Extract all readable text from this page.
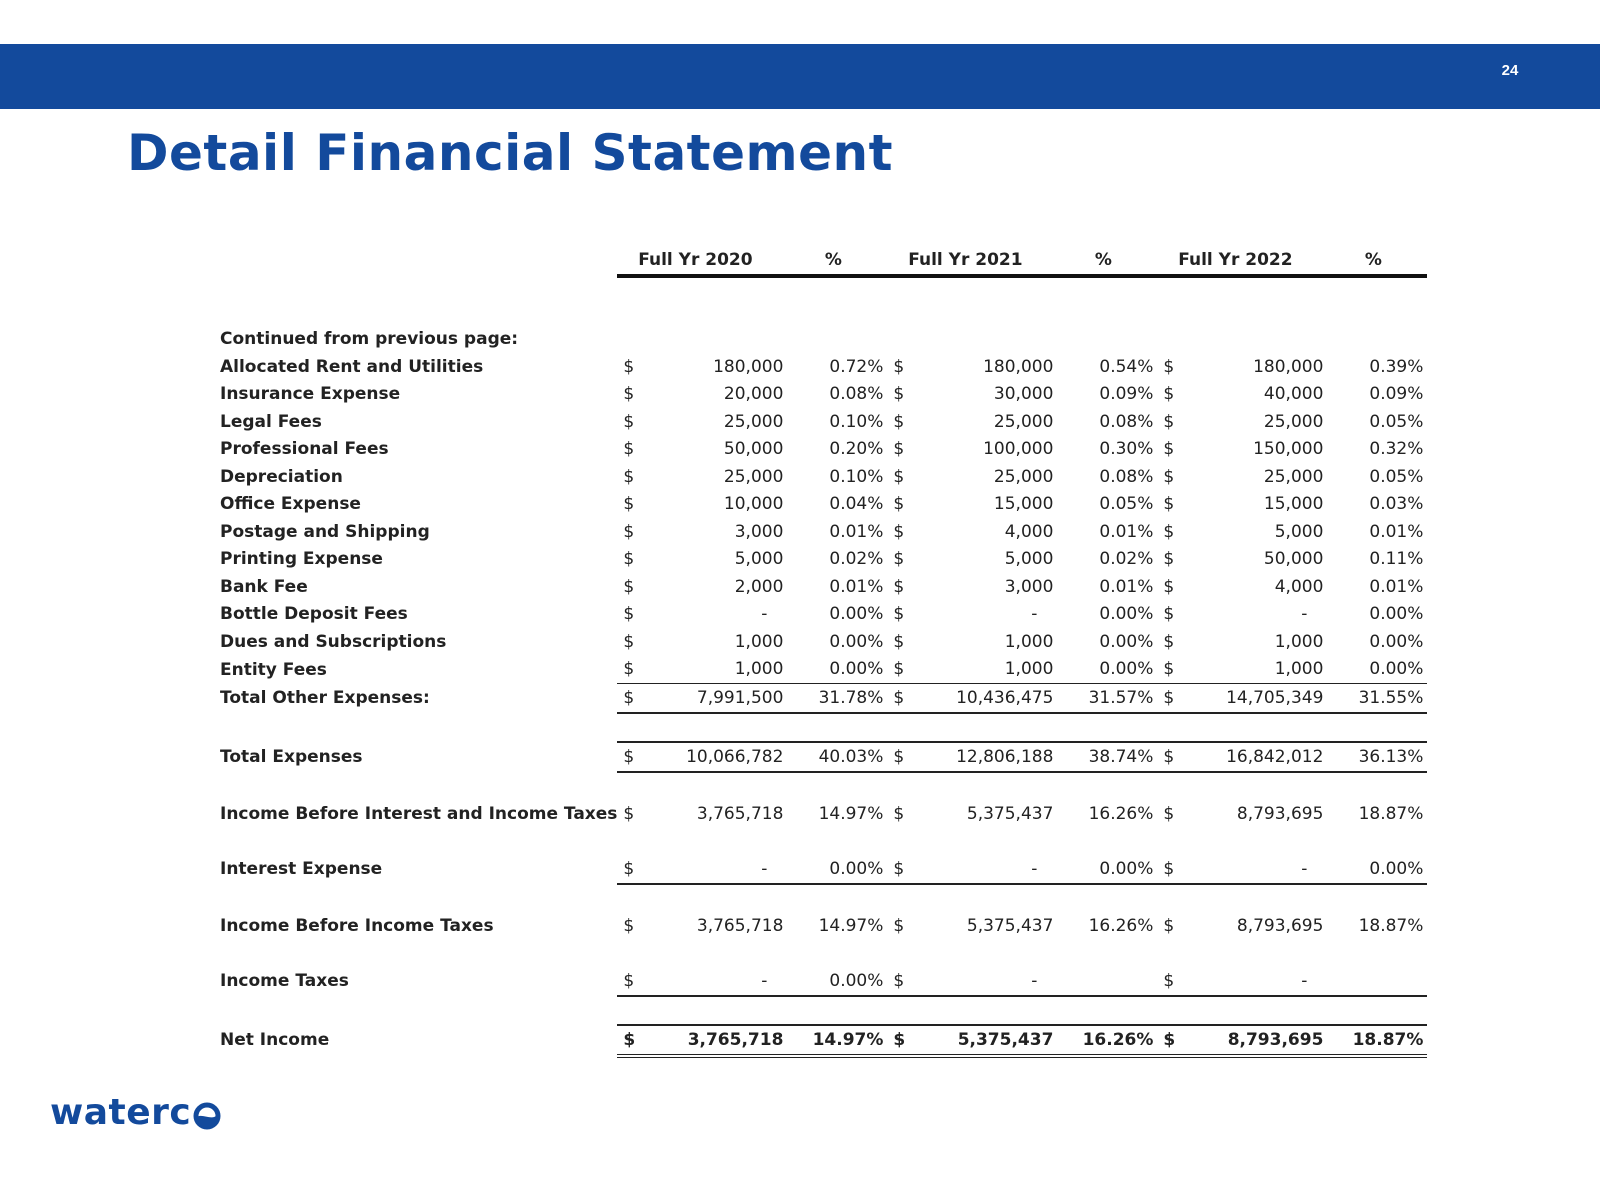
24
Detail Financial Statement
	Full Yr 2020		%	Full Yr 2021		%	Full Yr 2022		%

Continued from previous page:									
Allocated Rent and Utilities	$	180,000	0.72%	$	180,000	0.54%	$	180,000	0.39%
Insurance Expense	$	20,000	0.08%	$	30,000	0.09%	$	40,000	0.09%
Legal Fees	$	25,000	0.10%	$	25,000	0.08%	$	25,000	0.05%
Professional Fees	$	50,000	0.20%	$	100,000	0.30%	$	150,000	0.32%
Depreciation	$	25,000	0.10%	$	25,000	0.08%	$	25,000	0.05%
Office Expense	$	10,000	0.04%	$	15,000	0.05%	$	15,000	0.03%
Postage and Shipping	$	3,000	0.01%	$	4,000	0.01%	$	5,000	0.01%
Printing Expense	$	5,000	0.02%	$	5,000	0.02%	$	50,000	0.11%
Bank Fee	$	2,000	0.01%	$	3,000	0.01%	$	4,000	0.01%
Bottle Deposit Fees	$	-	0.00%	$	-	0.00%	$	-	0.00%
Dues and Subscriptions	$	1,000	0.00%	$	1,000	0.00%	$	1,000	0.00%
Entity Fees	$	1,000	0.00%	$	1,000	0.00%	$	1,000	0.00%
Total Other Expenses:	$	7,991,500	31.78%	$	10,436,475	31.57%	$	14,705,349	31.55%

Total Expenses	$	10,066,782	40.03%	$	12,806,188	38.74%	$	16,842,012	36.13%

Income Before Interest and Income Taxes	$	3,765,718	14.97%	$	5,375,437	16.26%	$	8,793,695	18.87%

Interest Expense	$	-	0.00%	$	-	0.00%	$	-	0.00%

Income Before Income Taxes	$	3,765,718	14.97%	$	5,375,437	16.26%	$	8,793,695	18.87%

Income Taxes	$	-	0.00%	$	-		$	-	

Net Income	$	3,765,718	14.97%	$	5,375,437	16.26%	$	8,793,695	18.87%
waterc
